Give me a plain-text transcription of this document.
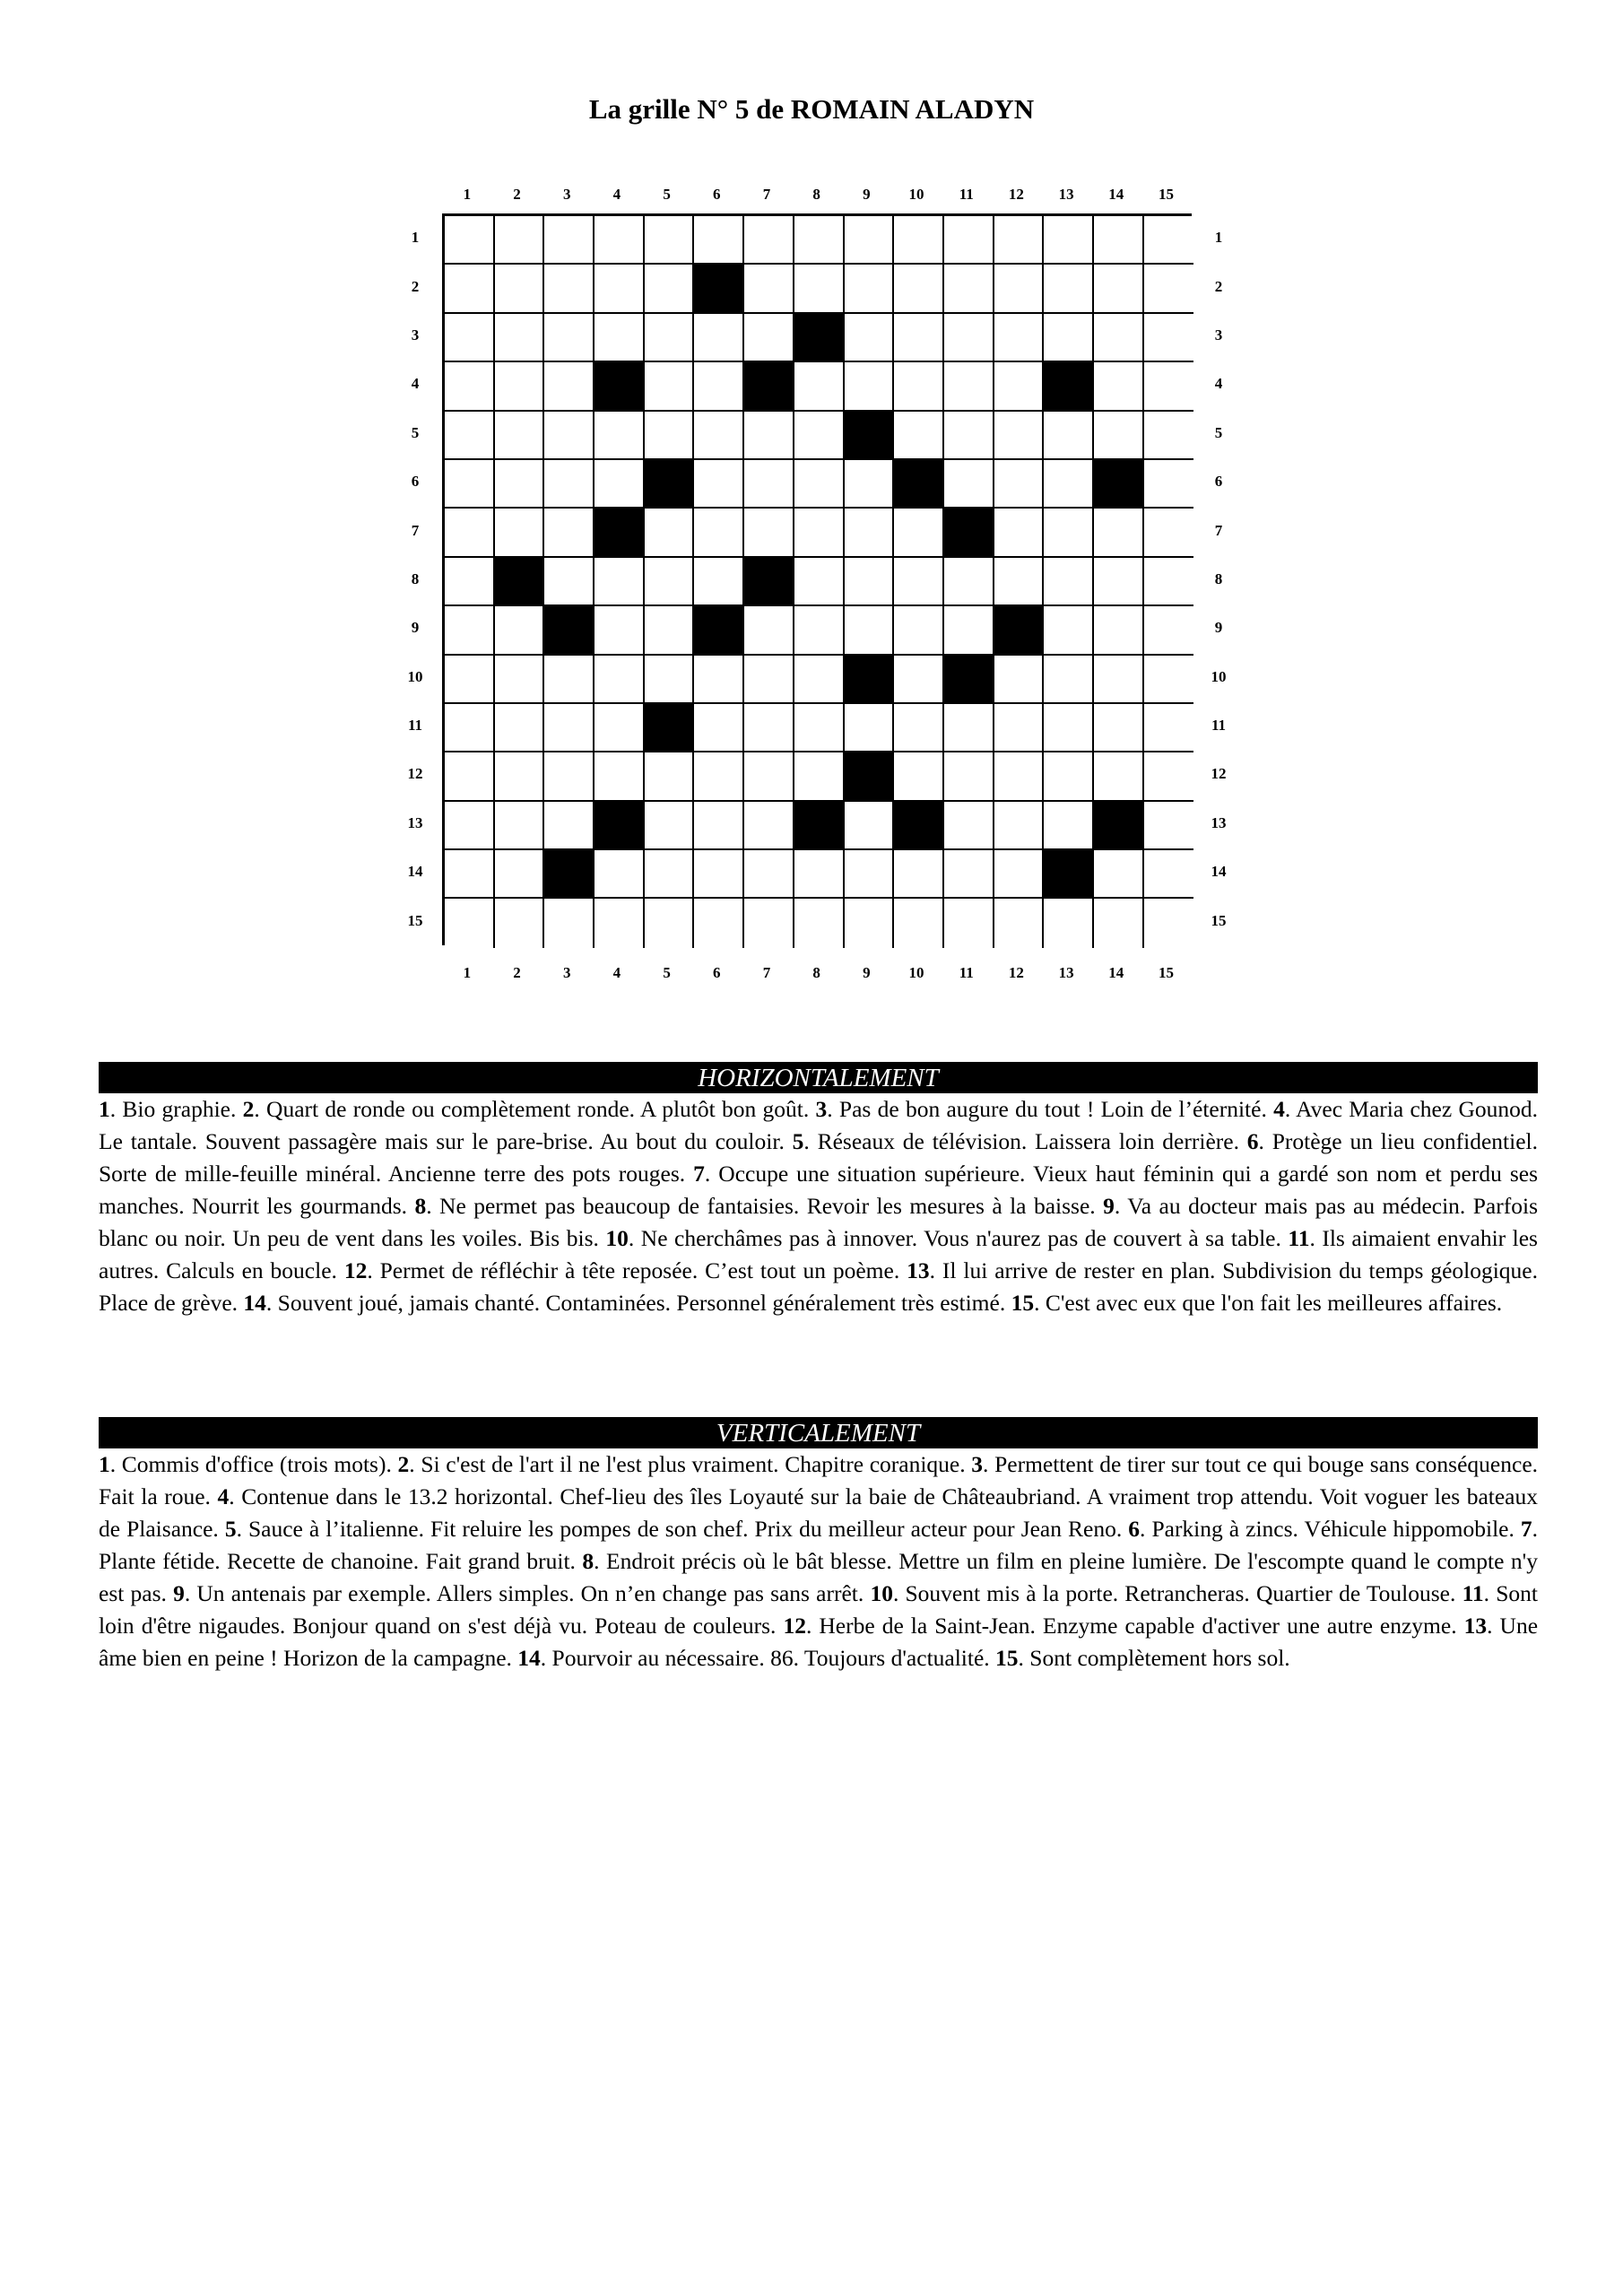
La grille N° 5 de ROMAIN ALADYN
1	2	3	4	5	6	7	8	9	10	11	12	13	14	15
1
2
3
4
5
6
7
8
9
10
11
12
13
14
15
1
2
3
4
5
6
7
8
9
10
11
12
13
14
15
1	2	3	4	5	6	7	8	9	10	11	12	13	14	15
HORIZONTALEMENT
1. Bio graphie. 2. Quart de ronde ou complètement ronde. A plutôt bon goût. 3. Pas de bon augure du tout ! Loin de l’éternité. 4. Avec Maria chez Gounod. Le tantale. Souvent passagère mais sur le pare-brise. Au bout du couloir. 5. Réseaux de télévision. Laissera loin derrière. 6. Protège un lieu confidentiel. Sorte de mille-feuille minéral. Ancienne terre des pots rouges. 7. Occupe une situation supérieure. Vieux haut féminin qui a gardé son nom et perdu ses manches. Nourrit les gourmands. 8. Ne permet pas beaucoup de fantaisies. Revoir les mesures à la baisse. 9. Va au docteur mais pas au médecin. Parfois blanc ou noir. Un peu de vent dans les voiles. Bis bis. 10. Ne cherchâmes pas à innover. Vous n'aurez pas de couvert à sa table. 11. Ils aimaient envahir les autres. Calculs en boucle. 12. Permet de réfléchir à tête reposée. C’est tout un poème. 13. Il lui arrive de rester en plan. Subdivision du temps géologique. Place de grève. 14. Souvent joué, jamais chanté. Contaminées. Personnel généralement très estimé. 15. C'est avec eux que l'on fait les meilleures affaires.
VERTICALEMENT
1. Commis d'office (trois mots). 2. Si c'est de l'art il ne l'est plus vraiment. Chapitre coranique. 3. Permettent de tirer sur tout ce qui bouge sans conséquence. Fait la roue. 4. Contenue dans le 13.2 horizontal. Chef-lieu des îles Loyauté sur la baie de Châteaubriand. A vraiment trop attendu. Voit voguer les bateaux de Plaisance. 5. Sauce à l’italienne. Fit reluire les pompes de son chef. Prix du meilleur acteur pour Jean Reno. 6. Parking à zincs. Véhicule hippomobile. 7. Plante fétide. Recette de chanoine. Fait grand bruit. 8. Endroit précis où le bât blesse. Mettre un film en pleine lumière. De l'escompte quand le compte n'y est pas. 9. Un antenais par exemple. Allers simples. On n’en change pas sans arrêt. 10. Souvent mis à la porte. Retrancheras. Quartier de Toulouse. 11. Sont loin d'être nigaudes. Bonjour quand on s'est déjà vu. Poteau de couleurs. 12. Herbe de la Saint-Jean. Enzyme capable d'activer une autre enzyme. 13. Une âme bien en peine ! Horizon de la campagne. 14. Pourvoir au nécessaire. 86. Toujours d'actualité. 15. Sont complètement hors sol.
